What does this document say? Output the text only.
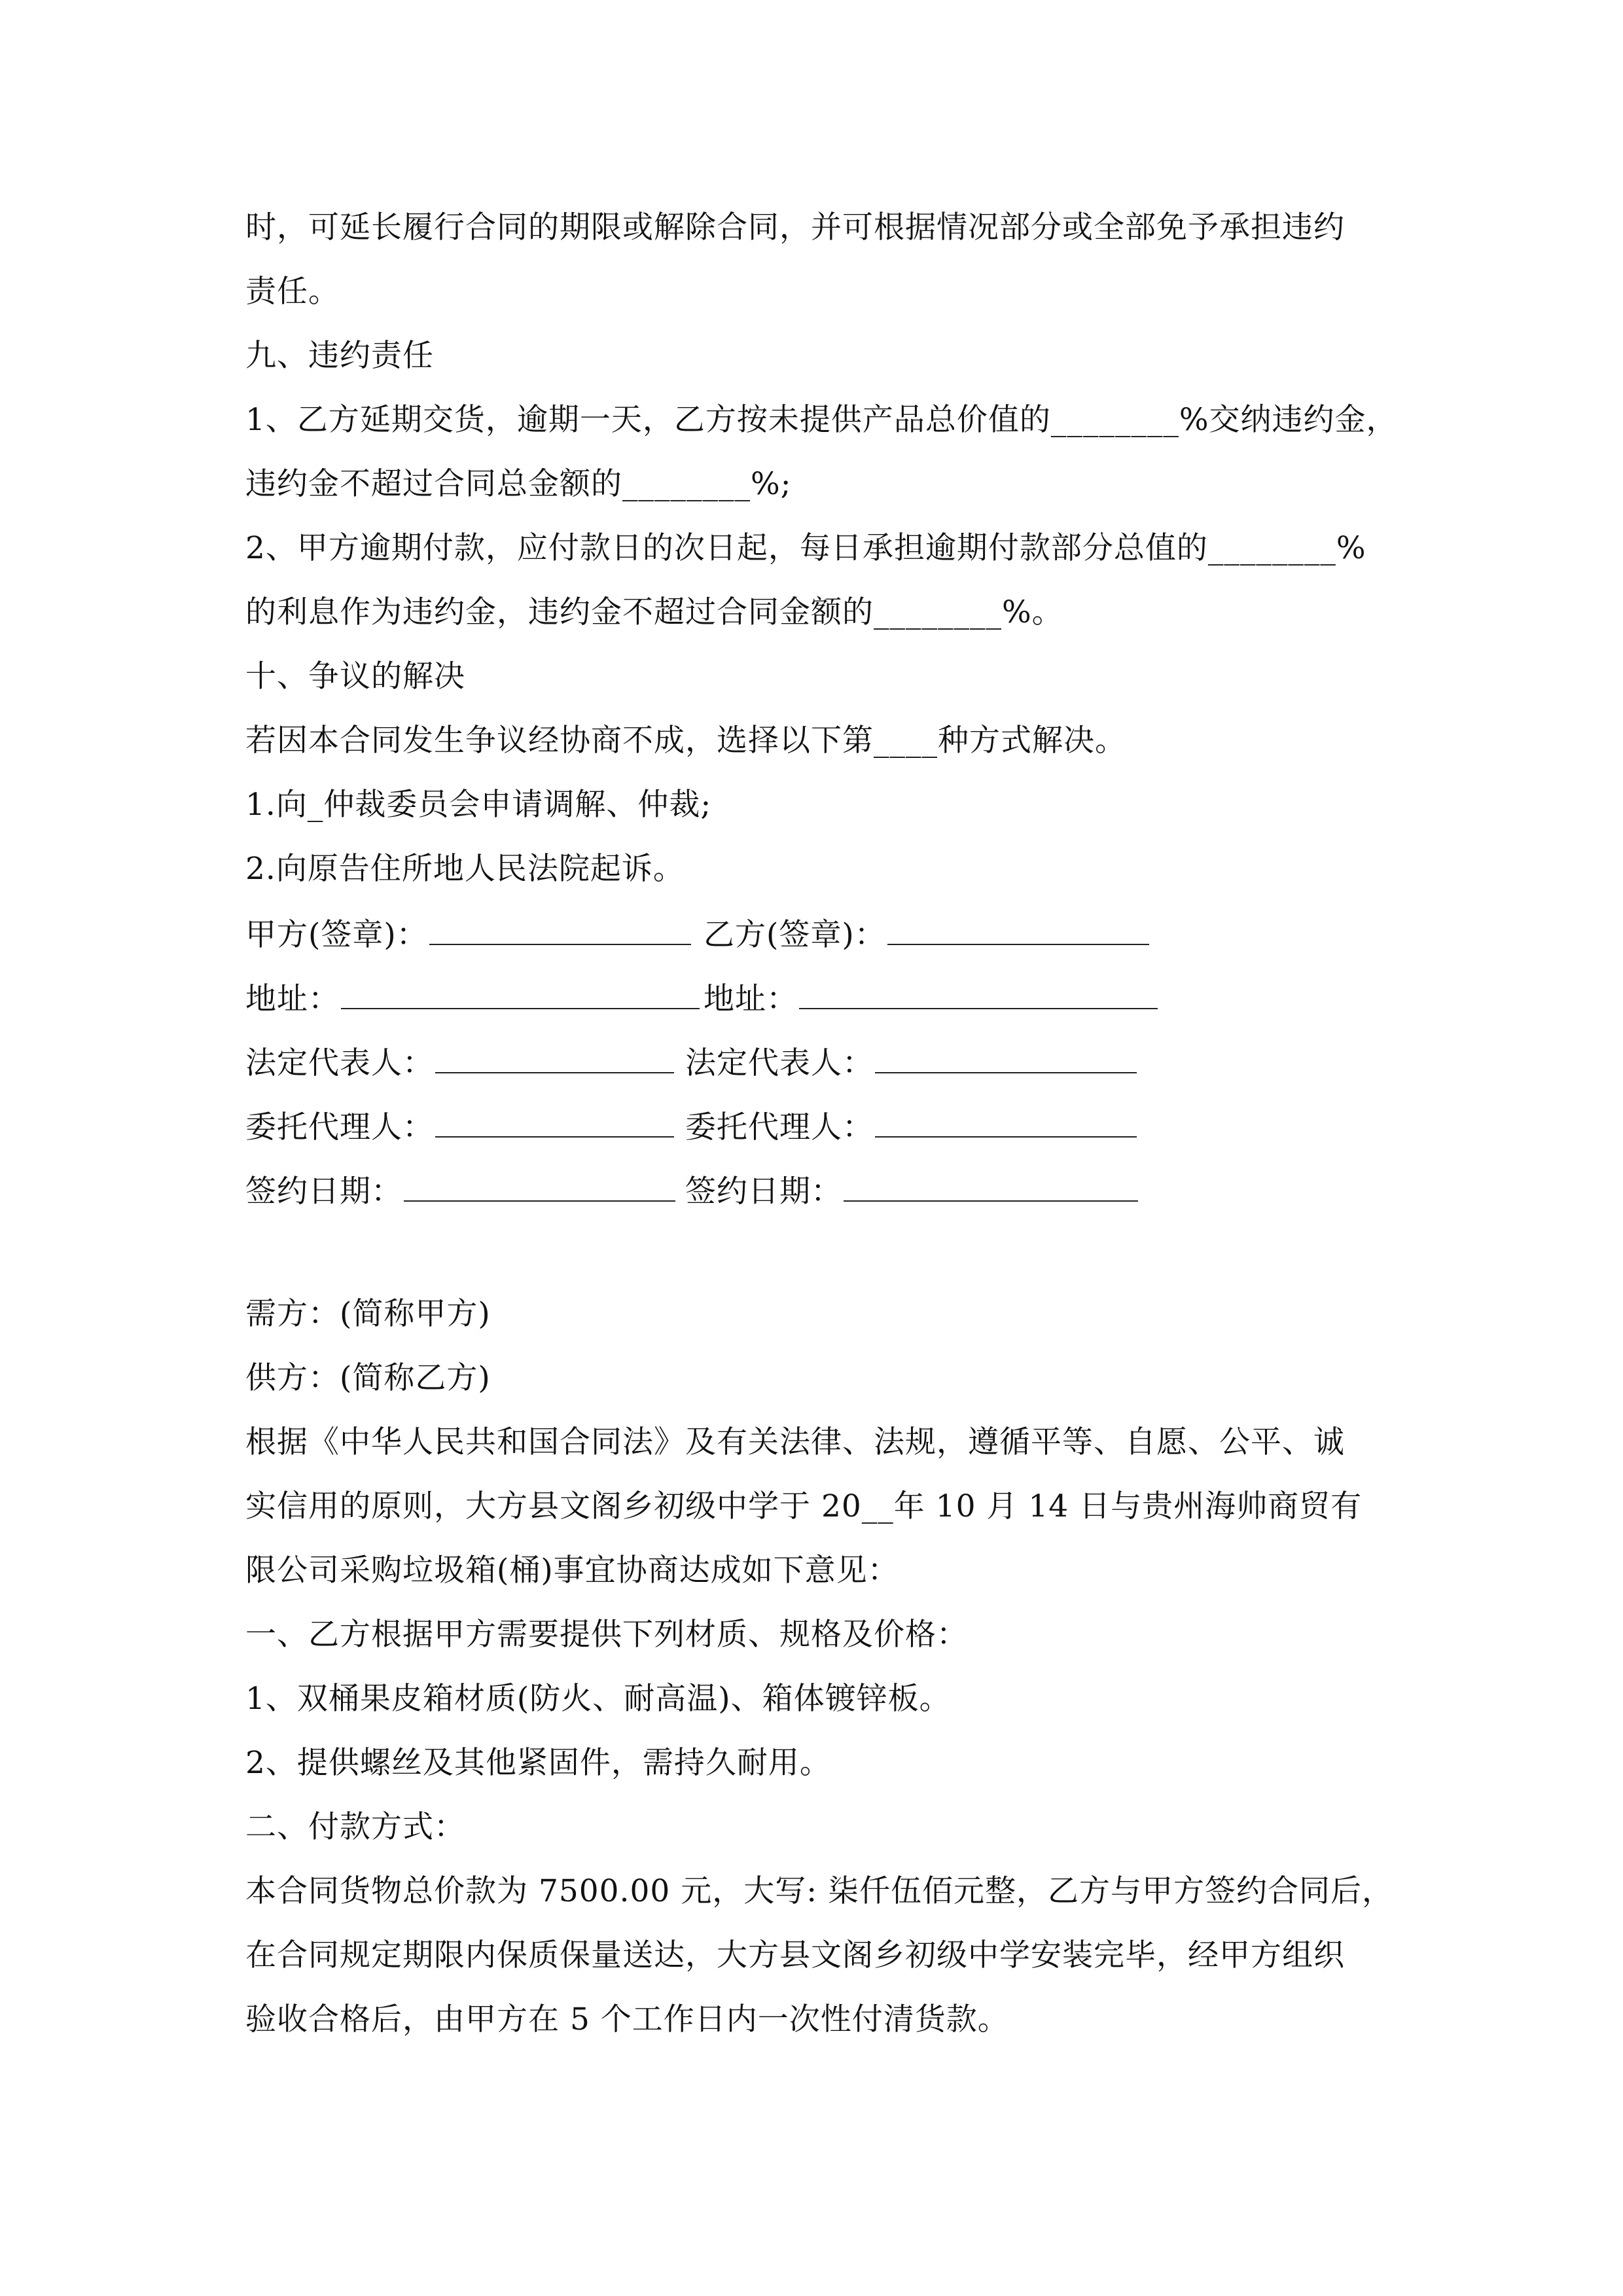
时，可延长履行合同的期限或解除合同，并可根据情况部分或全部免予承担违约
责任。
九、违约责任
1、乙方延期交货，逾期一天，乙方按未提供产品总价值的________%交纳违约金，
违约金不超过合同总金额的________%;
2、甲方逾期付款，应付款日的次日起，每日承担逾期付款部分总值的________%
的利息作为违约金，违约金不超过合同金额的________%。
十、争议的解决
若因本合同发生争议经协商不成，选择以下第____种方式解决。
1.向_仲裁委员会申请调解、仲裁;
2.向原告住所地人民法院起诉。
甲方(签章)：	乙方(签章)：
地址：	地址：
法定代表人：	法定代表人：
委托代理人：	委托代理人：
签约日期：	签约日期：
需方：(简称甲方)
供方：(简称乙方)
根据《中华人民共和国合同法》及有关法律、法规，遵循平等、自愿、公平、诚
实信用的原则，大方县文阁乡初级中学于 20__年 10 月 14 日与贵州海帅商贸有
限公司采购垃圾箱(桶)事宜协商达成如下意见：
一、乙方根据甲方需要提供下列材质、规格及价格：
1、双桶果皮箱材质(防火、耐高温)、箱体镀锌板。
2、提供螺丝及其他紧固件，需持久耐用。
二、付款方式：
本合同货物总价款为 7500.00 元，大写: 柒仟伍佰元整，乙方与甲方签约合同后，
在合同规定期限内保质保量送达，大方县文阁乡初级中学安装完毕，经甲方组织
验收合格后，由甲方在 5 个工作日内一次性付清货款。
